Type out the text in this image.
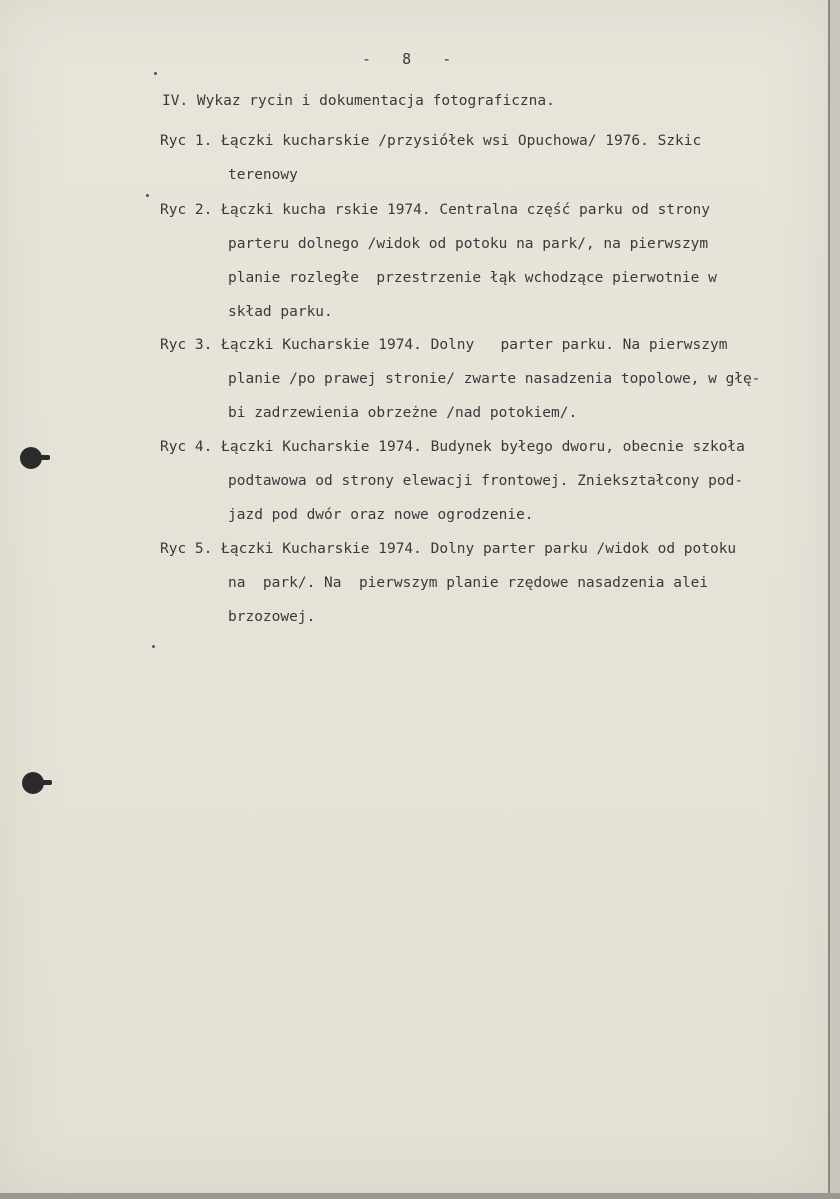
-   8   -
IV. Wykaz rycin i dokumentacja fotograficzna.
Ryc 1. Łączki kucharskie /przysiółek wsi Opuchowa/ 1976. Szkic
terenowy
Ryc 2. Łączki kucha rskie 1974. Centralna część parku od strony
parteru dolnego /widok od potoku na park/, na pierwszym
planie rozległe  przestrzenie łąk wchodzące pierwotnie w
skład parku.
Ryc 3. Łączki Kucharskie 1974. Dolny   parter parku. Na pierwszym
planie /po prawej stronie/ zwarte nasadzenia topolowe, w głę-
bi zadrzewienia obrzeżne /nad potokiem/.
Ryc 4. Łączki Kucharskie 1974. Budynek byłego dworu, obecnie szkoła
podtawowa od strony elewacji frontowej. Zniekształcony pod-
jazd pod dwór oraz nowe ogrodzenie.
Ryc 5. Łączki Kucharskie 1974. Dolny parter parku /widok od potoku
na  park/. Na  pierwszym planie rzędowe nasadzenia alei
brzozowej.
